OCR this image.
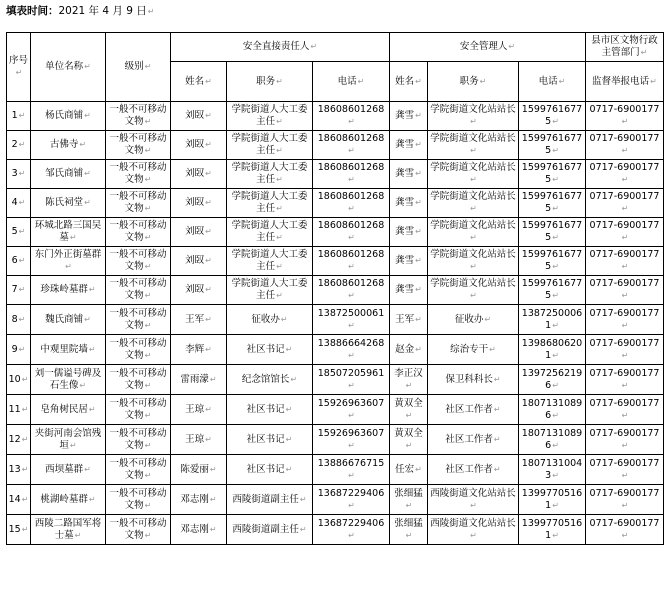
填表时间：2021 年 4 月 9 日↵
序号↵	单位名称↵	级别↵	安全直接责任人↵			安全管理人↵			县市区文物行政主管部门↵
			姓名↵	职务↵	电话↵	姓名↵	职务↵	电话↵	监督举报电话↵
1↵	杨氏商铺↵	一般不可移动文物↵	刘臤↵	学院街道人大工委主任↵	18608601268↵	龚雪↵	学院街道文化站站长↵	15997616775↵	0717-6900177↵
2↵	古佛寺↵	一般不可移动文物↵	刘臤↵	学院街道人大工委主任↵	18608601268↵	龚雪↵	学院街道文化站站长↵	15997616775↵	0717-6900177↵
3↵	邹氏商铺↵	一般不可移动文物↵	刘臤↵	学院街道人大工委主任↵	18608601268↵	龚雪↵	学院街道文化站站长↵	15997616775↵	0717-6900177↵
4↵	陈氏祠堂↵	一般不可移动文物↵	刘臤↵	学院街道人大工委主任↵	18608601268↵	龚雪↵	学院街道文化站站长↵	15997616775↵	0717-6900177↵
5↵	环城北路三国吴墓↵	一般不可移动文物↵	刘臤↵	学院街道人大工委主任↵	18608601268↵	龚雪↵	学院街道文化站站长↵	15997616775↵	0717-6900177↵
6↵	东门外正街墓群↵	一般不可移动文物↵	刘臤↵	学院街道人大工委主任↵	18608601268↵	龚雪↵	学院街道文化站站长↵	15997616775↵	0717-6900177↵
7↵	珍珠岭墓群↵	一般不可移动文物↵	刘臤↵	学院街道人大工委主任↵	18608601268↵	龚雪↵	学院街道文化站站长↵	15997616775↵	0717-6900177↵
8↵	魏氏商铺↵	一般不可移动文物↵	王军↵	征收办↵	13872500061↵	王军↵	征收办↵	13872500061↵	0717-6900177↵
9↵	中观里院墙↵	一般不可移动文物↵	李辉↵	社区书记↵	13886664268↵	赵金↵	综治专干↵	13986806201↵	0717-6900177↵
10↵	刘一儒谥号碑及石生像↵	一般不可移动文物↵	雷雨濛↵	纪念馆馆长↵	18507205961↵	李正汉↵	保卫科科长↵	13972562196↵	0717-6900177↵
11↵	皂角树民居↵	一般不可移动文物↵	王琼↵	社区书记↵	15926963607↵	黄双全↵	社区工作者↵	18071310896↵	0717-6900177↵
12↵	夹街河南会馆残垣↵	一般不可移动文物↵	王琼↵	社区书记↵	15926963607↵	黄双全↵	社区工作者↵	18071310896↵	0717-6900177↵
13↵	西坝墓群↵	一般不可移动文物↵	陈爱丽↵	社区书记↵	13886676715↵	任宏↵	社区工作者↵	18071310043↵	0717-6900177↵
14↵	桃湖岭墓群↵	一般不可移动文物↵	邓志刚↵	西陵街道副主任↵	13687229406↵	张细猛↵	西陵街道文化站站长↵	13997705161↵	0717-6900177↵
15↵	西陵二路国军将士墓↵	一般不可移动文物↵	邓志刚↵	西陵街道副主任↵	13687229406↵	张细猛↵	西陵街道文化站站长↵	13997705161↵	0717-6900177↵
